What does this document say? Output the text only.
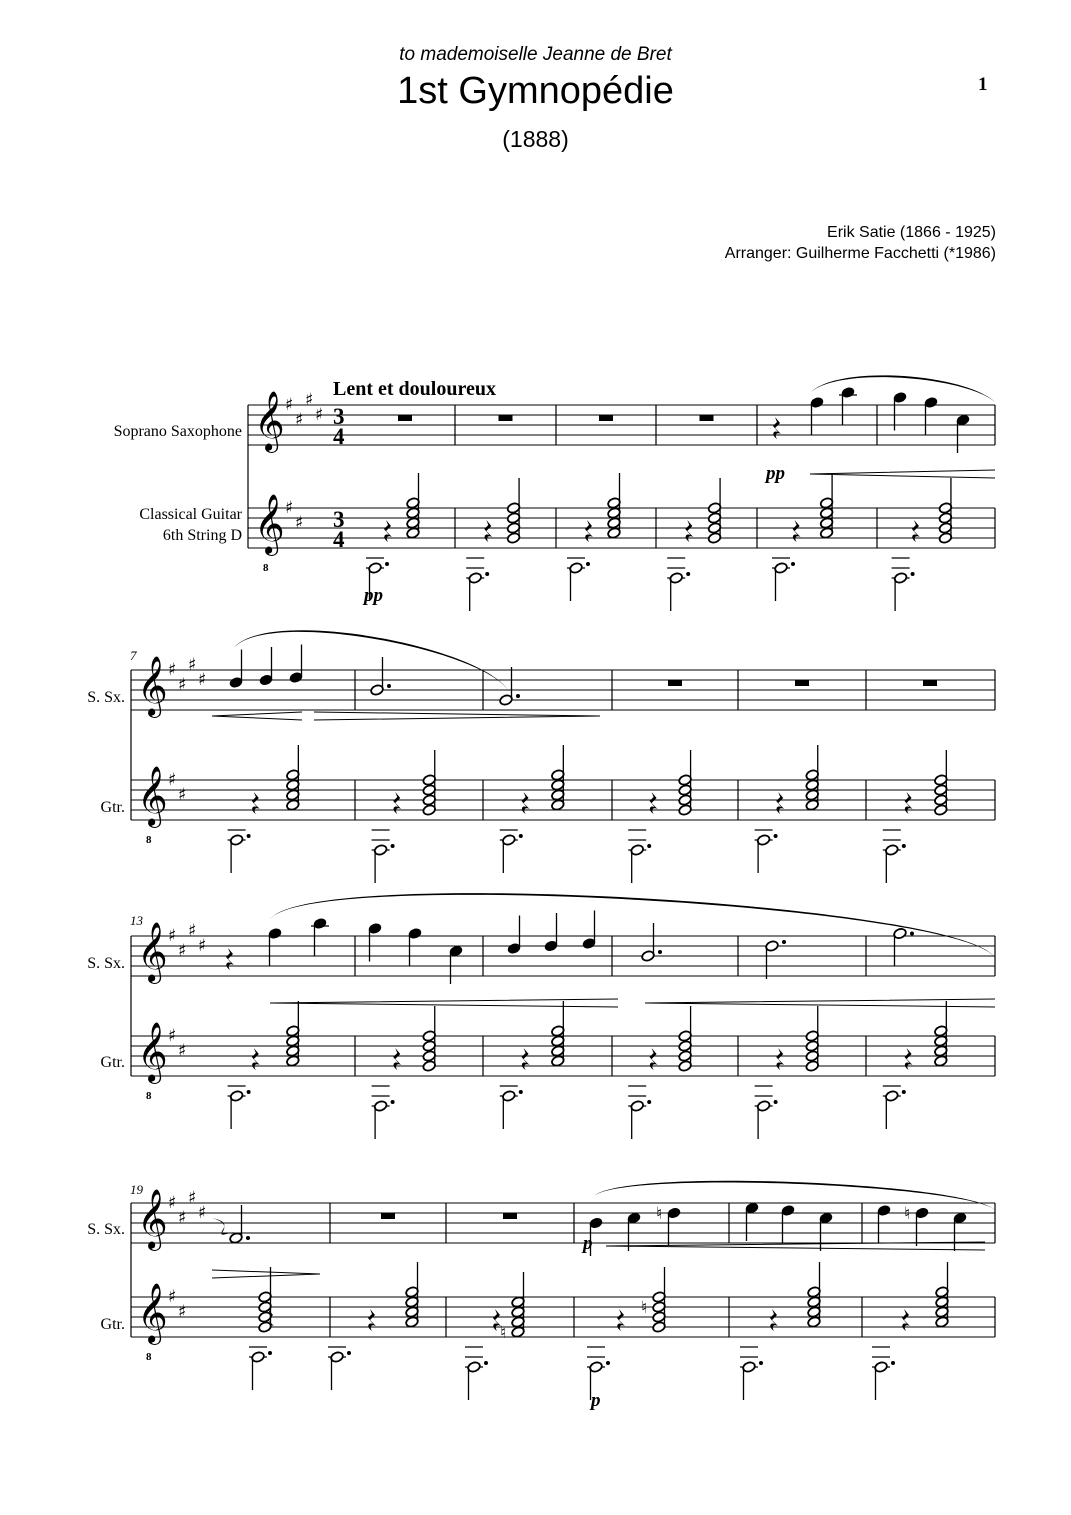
𝄞 ♯
♯
♯
♯ 3
4
𝄞 ♯
♯ 3
4
8
𝄞 ♯
♯
♯
♯
𝄞 ♯
♯
8
𝄞 ♯
♯
♯
♯
𝄞 ♯
♯
8
𝄞 ♯
♯
♯
♯
𝄞 ♯
♯
8
♮	♮
♮
♮
to mademoiselle Jeanne de Bret
1st Gymnopédie
(1888)
1
Erik Satie (1866 - 1925)
Arranger: Guilherme Facchetti (*1986)
Lent et douloureux
Soprano Saxophone
Classical Guitar
6th String D
S. Sx.
Gtr.
S. Sx.
Gtr.
S. Sx.
Gtr.
7
13
19
pp
pp
p
p
